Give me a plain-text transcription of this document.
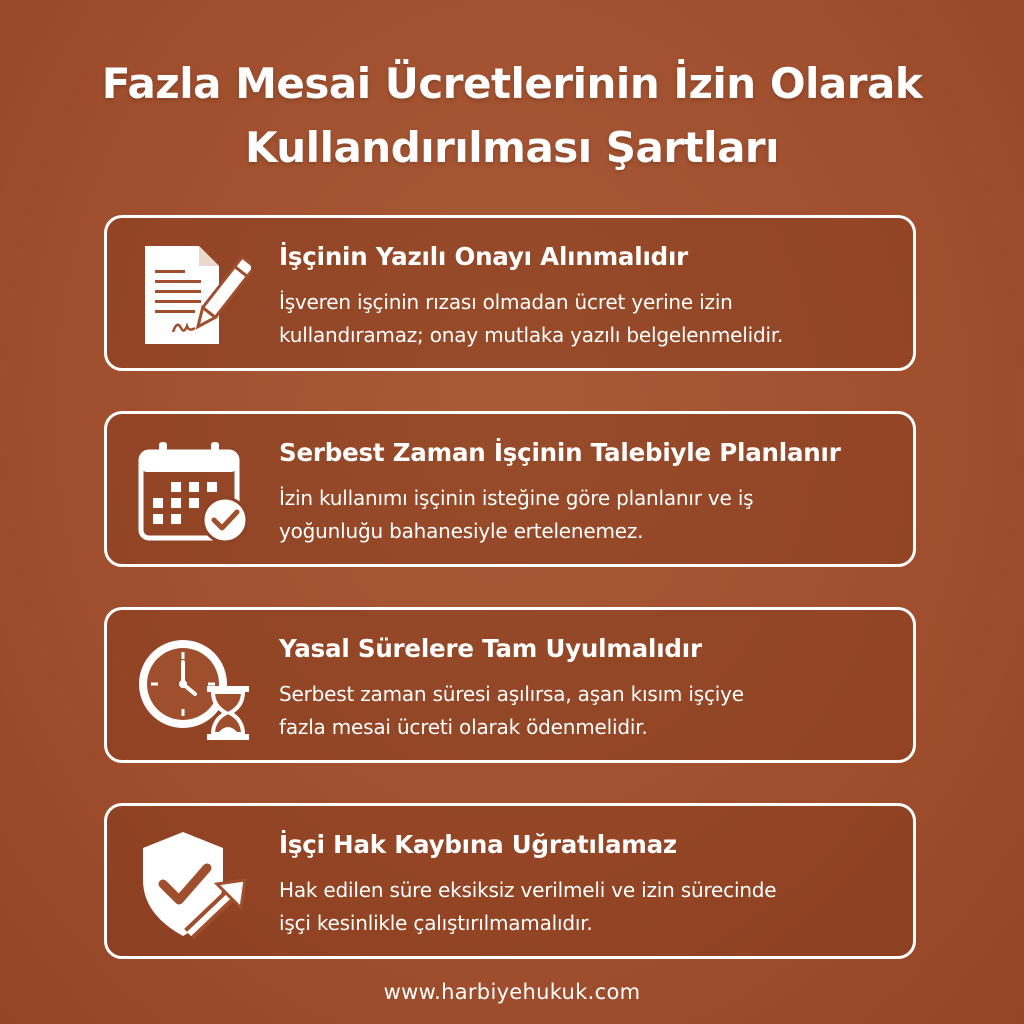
Fazla Mesai Ücretlerinin İzin Olarak
Kullandırılması Şartları
İşçinin Yazılı Onayı Alınmalıdır
İşveren işçinin rızası olmadan ücret yerine izin
kullandıramaz; onay mutlaka yazılı belgelenmelidir.
Serbest Zaman İşçinin Talebiyle Planlanır
İzin kullanımı işçinin isteğine göre planlanır ve iş
yoğunluğu bahanesiyle ertelenemez.
Yasal Sürelere Tam Uyulmalıdır
Serbest zaman süresi aşılırsa, aşan kısım işçiye
fazla mesai ücreti olarak ödenmelidir.
İşçi Hak Kaybına Uğratılamaz
Hak edilen süre eksiksiz verilmeli ve izin sürecinde
işçi kesinlikle çalıştırılmamalıdır.
www.harbiyehukuk.com
